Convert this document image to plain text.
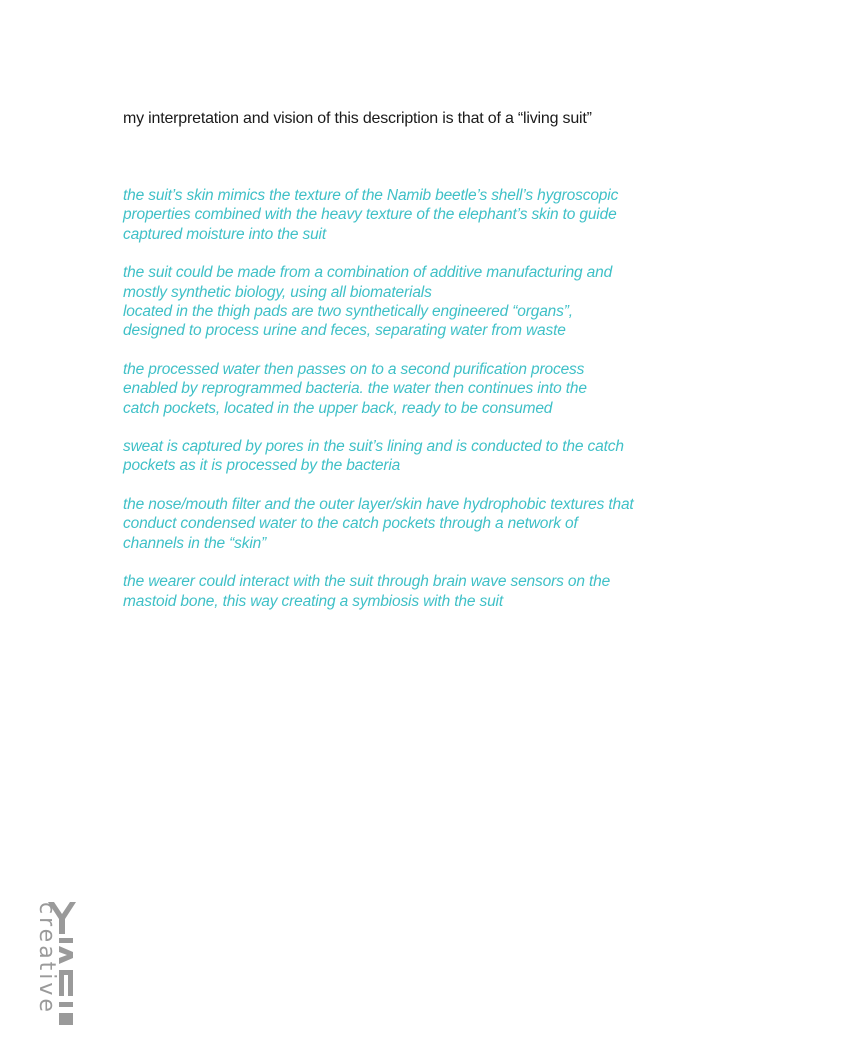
my interpretation and vision of this description is that of a “living suit”
the suit’s skin mimics the texture of the Namib beetle’s shell’s hygroscopic
properties combined with the heavy texture of the elephant’s skin to guide
captured moisture into the suit
the suit could be made from a combination of additive manufacturing and
mostly synthetic biology, using all biomaterials
located in the thigh pads are two synthetically engineered “organs”,
designed to process urine and feces, separating water from waste
the processed water then passes on to a second purification process
enabled by reprogrammed bacteria. the water then continues into the
catch pockets, located in the upper back, ready to be consumed
sweat is captured by pores in the suit’s lining and is conducted to the catch
pockets as it is processed by the bacteria
the nose/mouth filter and the outer layer/skin have hydrophobic textures that
conduct condensed water to the catch pockets through a network of
channels in the “skin”
the wearer could interact with the suit through brain wave sensors on the
mastoid bone, this way creating a symbiosis with the suit
creative
